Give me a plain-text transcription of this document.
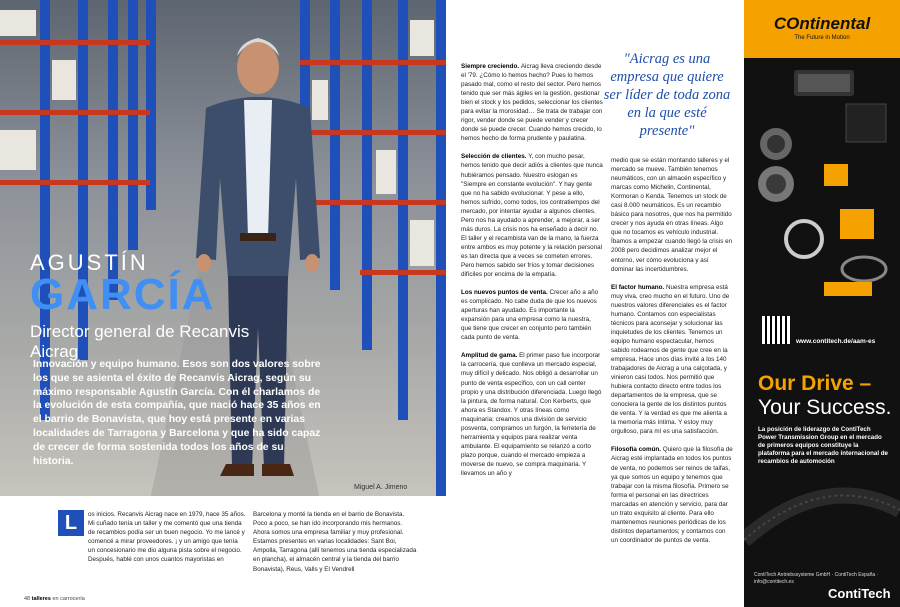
AGUSTÍN
GARCÍA
Director general de Recanvis Aicrag

Innovación y equipo humano. Esos son dos valores sobre los que se asienta el éxito de Recanvis Aicrag, según su máximo responsable Agustín García. Con él charlamos de la evolución de esta compañía, que nació hace 35 años en el barrio de Bonavista, que hoy está presente en varias localidades de Tarragona y Barcelona y que ha sido capaz de crecer de forma sostenida todos los años de su historia.

Miguel A. Jimeno
L	os inicios. Recanvis Aicrag nace en 1979, hace 35 años. Mi cuñado tenía un taller y me comentó que una tienda de recambios podía ser un buen negocio. Yo me lancé y comencé a mirar proveedores. ¡ y un amigo que tenía un concesionario me dio alguna pista sobre el negocio. Después, hablé con unos cuantos mayoristas en

Barcelona y monté la tienda en el barrio de Bonavista. Poco a poco, se han ido incorporando mis hermanos. Ahora somos una empresa familiar y muy profesional. Estamos presentes en varias localidades: Sant Boi, Ampolla, Tarragona (allí tenemos una tienda especializada en plancha), el almacén central y la tienda del barrio Bonavista), Reus, Valls y El Vendrell

48 talleres en carrocería

Siempre creciendo. Aicrag lleva creciendo desde el '79. ¿Cómo lo hemos hecho? Pues lo hemos pasado mal, como el resto del sector. Pero hemos tenido que ser más ágiles en la gestión, gestionar bien el stock y los pedidos, seleccionar los clientes para evitar la morosidad… Se trata de trabajar con rigor, vender donde se puede vender y crecer donde se puede crecer. Cuando hemos crecido, lo hemos hecho de forma prudente y paulatina.

Selección de clientes. Y, con mucho pesar, hemos tenido que decir adiós a clientes que nunca hubiéramos pensado. Nuestro eslogan es "Siempre en constante evolución". Y hay gente que no ha sabido evolucionar. Y pese a ello, hemos sufrido, como todos, los contratiempos del mercado, por intentar ayudar a algunos clientes. Pero nos ha ayudado a aprender, a mejorar, a ser más duros. La crisis nos ha enseñado a decir no. El taller y el recambista van de la mano, la fuerza entre ambos es muy potente y la relación personal es tan directa que a veces se cometen errores. Pero hemos sabido ser fríos y tomar decisiones difíciles por encima de la empatía.

Los nuevos puntos de venta. Crecer año a año es complicado. No cabe duda de que los nuevos aperturas han ayudado. Es importante la expansión para una empresa como la nuestra, que tiene que crecer en conjunto pero también cada punto de venta.

Amplitud de gama. El primer paso fue incorporar la carrocería, que conlleva un mercado especial, muy difícil y delicado. Nos obligó a desarrollar un punto de venta específico, con un call center propio y una distribución diferenciada. Luego llegó la pintura, de forma natural. Con Kerberts, que ahora es Standox. Y otras líneas como maquinaria: creamos una división de servicio posventa, compramos un furgón, la ferretería de herramienta y equipos para realizar venta ambulante. El equipamiento se relanzó a corto plazo porque, cuando el mercado empieza a moverse de nuevo, se compra maquinaria. Y llevamos un año y

medio que se están montando talleres y el mercado se mueve. También tenemos neumáticos, con un almacén específico y marcas como Michelin, Continental, Kormoran o Kenda. Tenemos un stock de casi 8.000 neumáticos. Es un recambio básico para nosotros, que nos ha permitido crecer y nos ayuda en otras líneas. Algo que no tocamos es vehículo industrial. Íbamos a empezar cuando llegó la crisis en 2008 pero decidimos analizar mejor el entorno, ver cómo evoluciona y así dominar las incertidumbres.

El factor humano. Nuestra empresa está muy viva, creo mucho en el futuro. Uno de nuestros valores diferenciales es el factor humano. Contamos con especialistas técnicos para aconsejar y solucionar las inquietudes de los clientes. Tenemos un equipo humano espectacular, hemos sabido rodearnos de gente que cree en la empresa. Hace unos días invité a los 140 trabajadores de Aicrag a una calçotada, y vinieron casi todos. Nos permitió que hubiera contacto directo entre todos los departamentos de la empresa, que se conociera la gente de los distintos puntos de venta. Y la verdad es que me alienta a la memoria más íntima. Y estoy muy orgulloso, para mí es una satisfacción.

Filosofía común. Quiero que la filosofía de Aicrag esté implantada en todos los puntos de venta, no podemos ser reinos de taifas, ya que somos un equipo y tenemos que trabajar con la misma filosofía. Primero se forma el personal en las directrices marcadas en atención y servicio, para dar un trato exquisito al cliente. Para ello mantenemos reuniones periódicas de los distintos departamentos; y contamos con un coordinador de puntos de venta.

"Aicrag es una empresa que quiere ser líder de toda zona en la que esté presente"
COntinental
The Future in Motion
www.contitech.de/aam-es
Our Drive –
Your Success.

La posición de liderazgo de ContiTech Power Transmission Group en el mercado de primeros equipos constituye la plataforma para el mercado internacional de recambios de automoción

ContiTech Antriebssysteme GmbH · ContiTech España · info@contitech.es

ContiTech
